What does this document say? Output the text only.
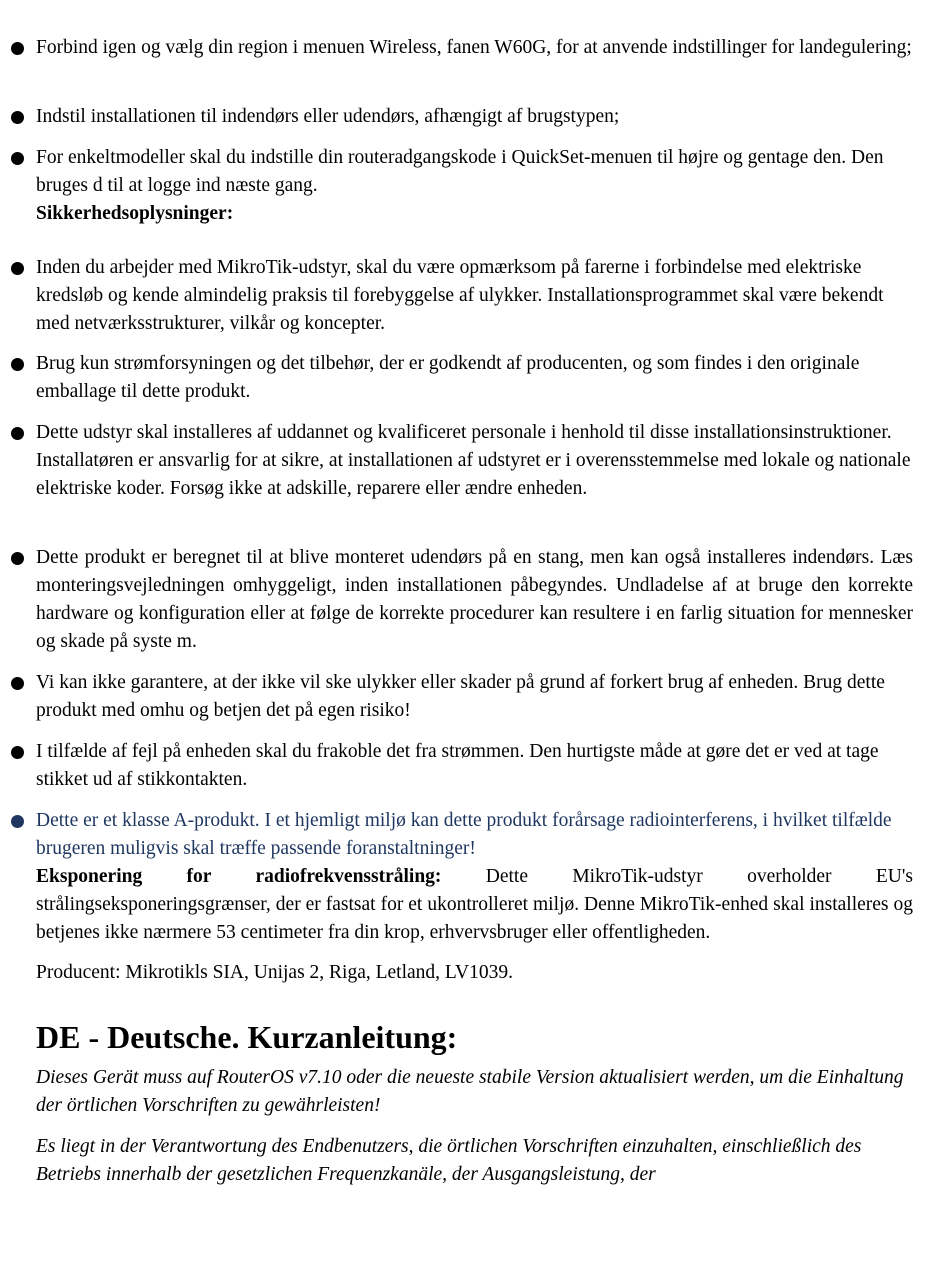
Forbind igen og vælg din region i menuen Wireless, fanen W60G, for at anvende indstillinger for landegulering;
Indstil installationen til indendørs eller udendørs, afhængigt af brugstypen;
For enkeltmodeller skal du indstille din routeradgangskode i QuickSet-menuen til højre og gentage den. Den bruges d til at logge ind næste gang.
Sikkerhedsoplysninger:
Inden du arbejder med MikroTik-udstyr, skal du være opmærksom på farerne i forbindelse med elektriske kredsløb og kende almindelig praksis til forebyggelse af ulykker. Installationsprogrammet skal være bekendt med netværksstrukturer, vilkår og koncepter.
Brug kun strømforsyningen og det tilbehør, der er godkendt af producenten, og som findes i den originale emballage til dette produkt.
Dette udstyr skal installeres af uddannet og kvalificeret personale i henhold til disse installationsinstruktioner. Installatøren er ansvarlig for at sikre, at installationen af udstyret er i overensstemmelse med lokale og nationale elektriske koder. Forsøg ikke at adskille, reparere eller ændre enheden.
Dette produkt er beregnet til at blive monteret udendørs på en stang, men kan også installeres indendørs. Læs monteringsvejledningen omhyggeligt, inden installationen påbegyndes. Undladelse af at bruge den korrekte hardware og konfiguration eller at følge de korrekte procedurer kan resultere i en farlig situation for mennesker og skade på syste m.
Vi kan ikke garantere, at der ikke vil ske ulykker eller skader på grund af forkert brug af enheden. Brug dette produkt med omhu og betjen det på egen risiko!
I tilfælde af fejl på enheden skal du frakoble det fra strømmen. Den hurtigste måde at gøre det er ved at tage stikket ud af stikkontakten.
Dette er et klasse A-produkt. I et hjemligt miljø kan dette produkt forårsage radiointerferens, i hvilket tilfælde brugeren muligvis skal træffe passende foranstaltninger!
Eksponering for radiofrekvensstråling: Dette MikroTik-udstyr overholder EU's strålingseksponeringsgrænser, der er fastsat for et ukontrolleret miljø. Denne MikroTik-enhed skal installeres og betjenes ikke nærmere 53 centimeter fra din krop, erhvervsbruger eller offentligheden.
Producent: Mikrotikls SIA, Unijas 2, Riga, Letland, LV1039.
DE - Deutsche. Kurzanleitung:
Dieses Gerät muss auf RouterOS v7.10 oder die neueste stabile Version aktualisiert werden, um die Einhaltung der örtlichen Vorschriften zu gewährleisten!
Es liegt in der Verantwortung des Endbenutzers, die örtlichen Vorschriften einzuhalten, einschließlich des Betriebs innerhalb der gesetzlichen Frequenzkanäle, der Ausgangsleistung, der
